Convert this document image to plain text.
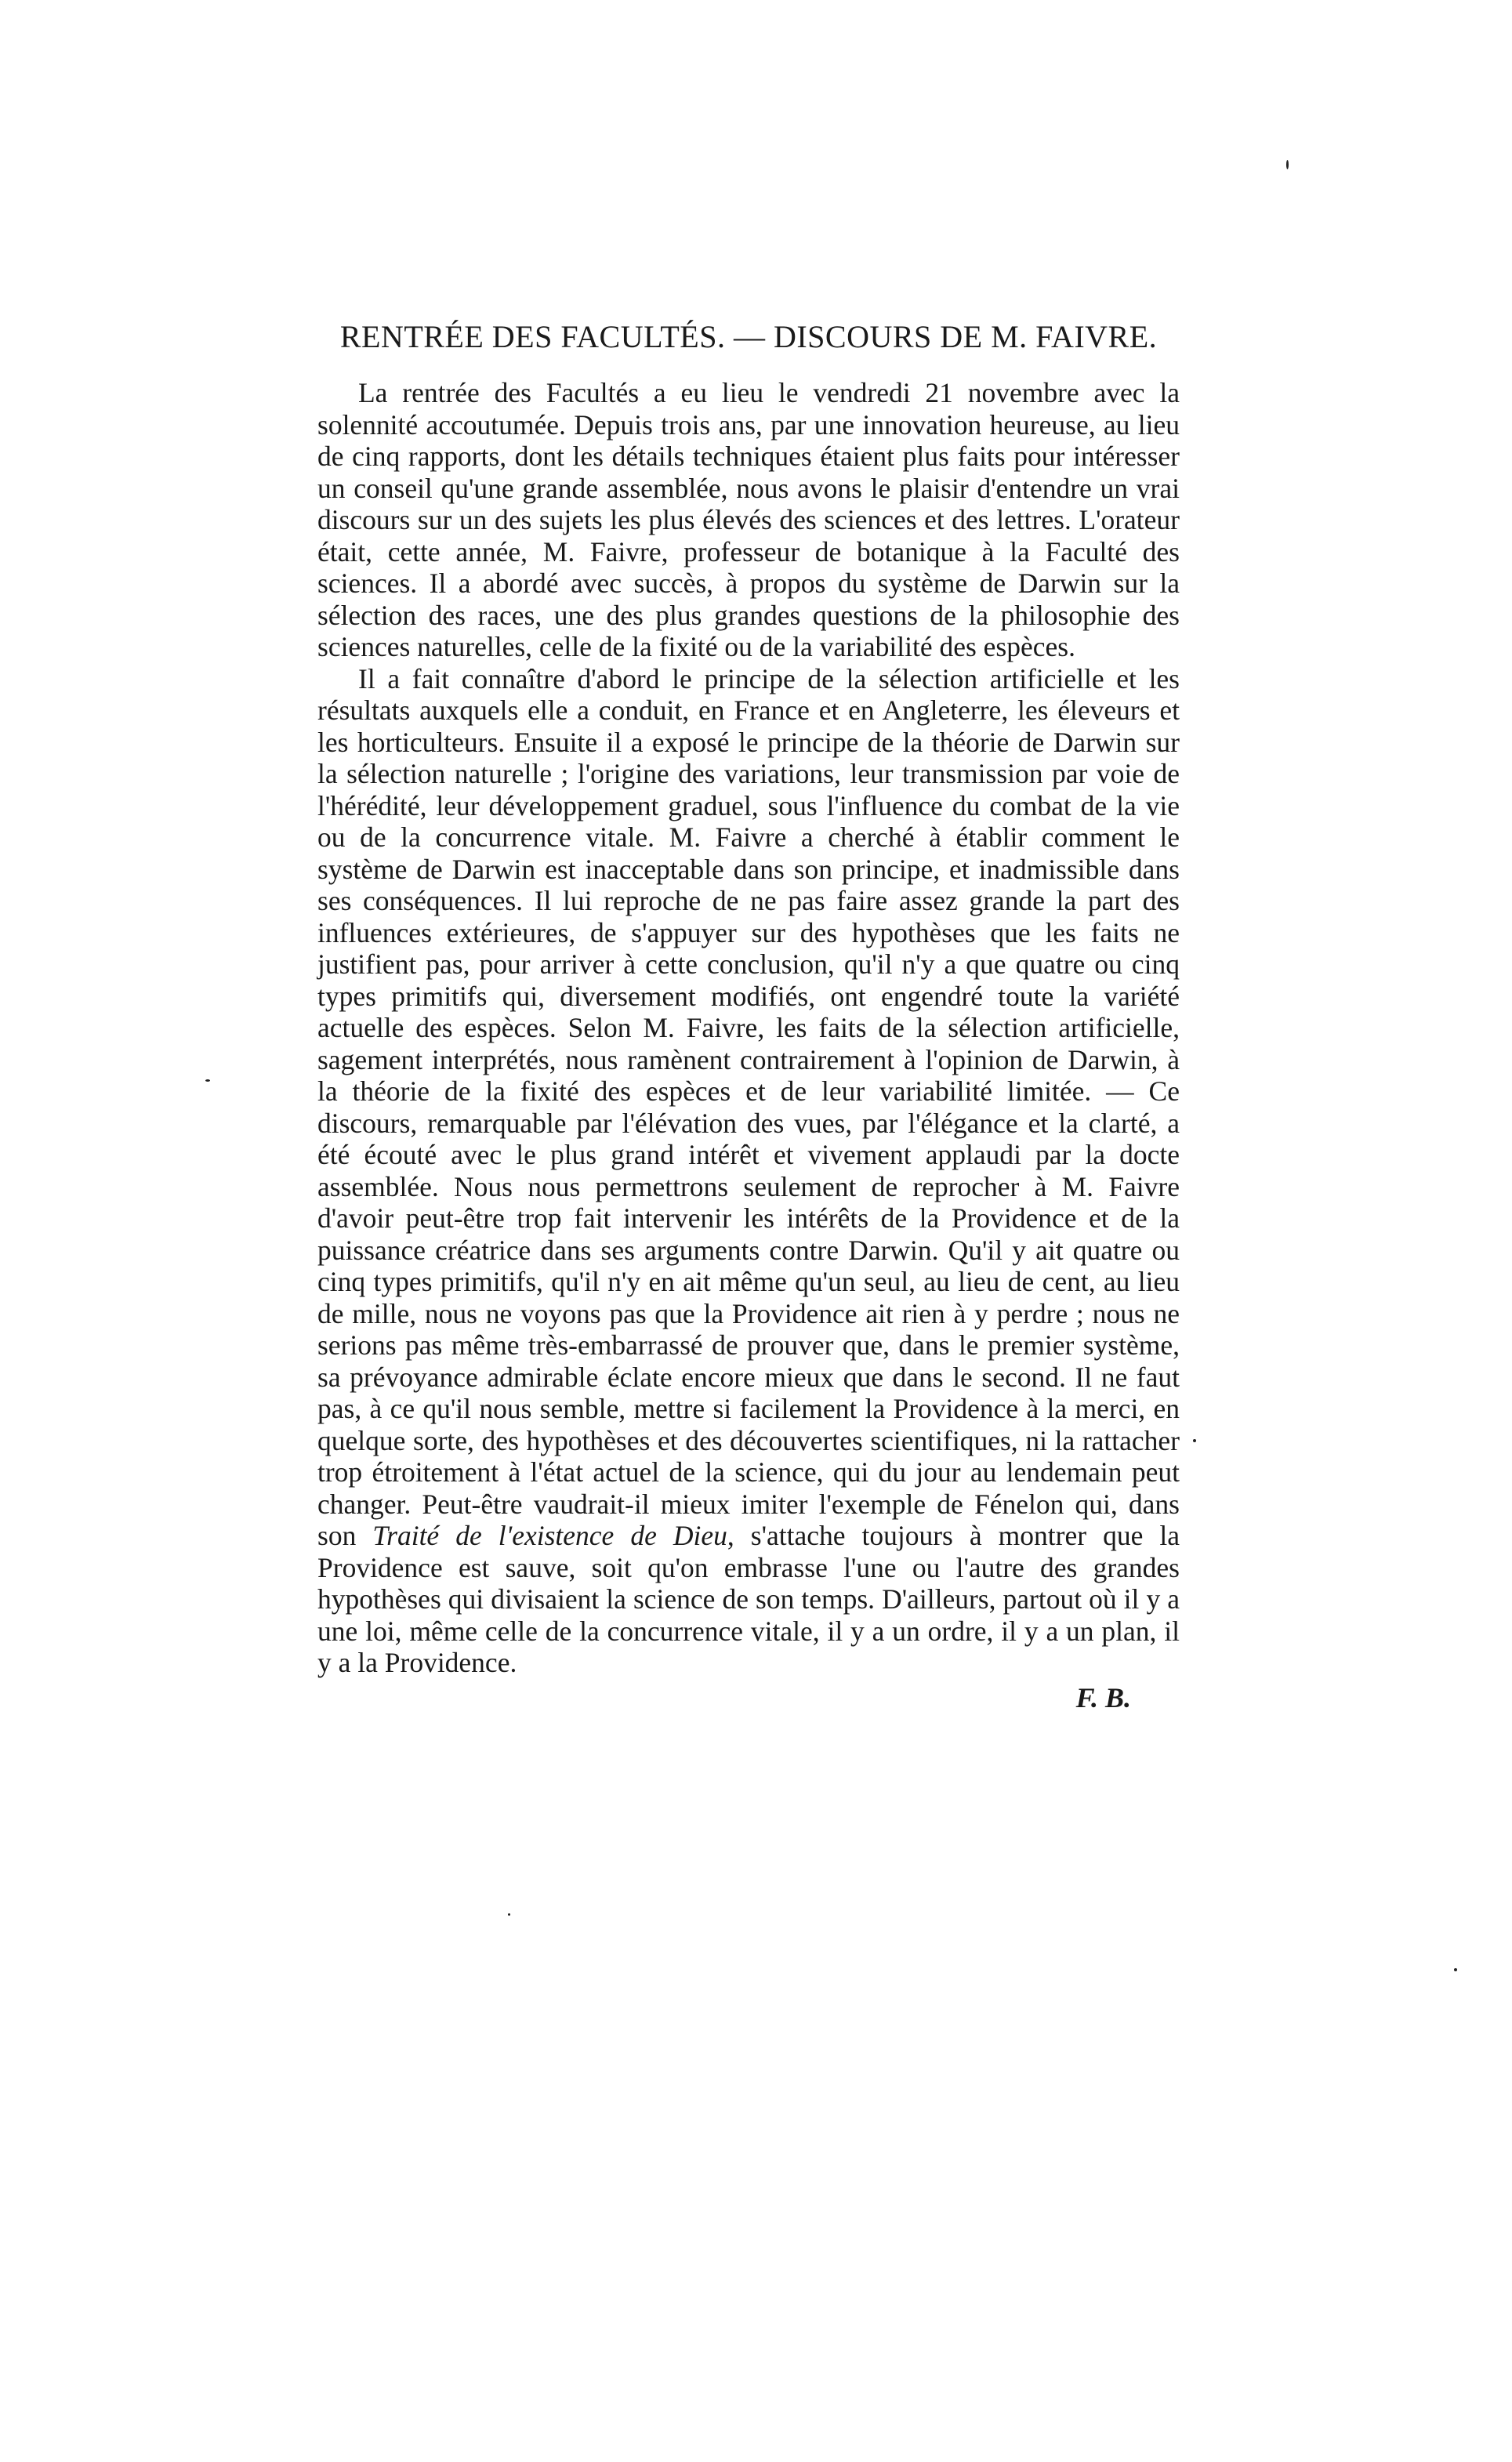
RENTRÉE DES FACULTÉS. — DISCOURS DE M. FAIVRE.

La rentrée des Facultés a eu lieu le vendredi 21 novembre avec la solennité accoutumée. Depuis trois ans, par une innovation heureuse, au lieu de cinq rapports, dont les détails techniques étaient plus faits pour intéresser un conseil qu'une grande assemblée, nous avons le plaisir d'entendre un vrai discours sur un des sujets les plus élevés des sciences et des lettres. L'orateur était, cette année, M. Faivre, professeur de botanique à la Faculté des sciences. Il a abordé avec succès, à propos du système de Darwin sur la sélection des races, une des plus grandes questions de la philosophie des sciences naturelles, celle de la fixité ou de la variabilité des espèces.

Il a fait connaître d'abord le principe de la sélection artificielle et les résultats auxquels elle a conduit, en France et en Angleterre, les éleveurs et les horticulteurs. Ensuite il a exposé le principe de la théorie de Darwin sur la sélection naturelle ; l'origine des variations, leur transmission par voie de l'hérédité, leur développement graduel, sous l'influence du combat de la vie ou de la concurrence vitale. M. Faivre a cherché à établir comment le système de Darwin est inacceptable dans son principe, et inadmissible dans ses conséquences. Il lui reproche de ne pas faire assez grande la part des influences extérieures, de s'appuyer sur des hypothèses que les faits ne justifient pas, pour arriver à cette conclusion, qu'il n'y a que quatre ou cinq types primitifs qui, diversement modifiés, ont engendré toute la variété actuelle des espèces. Selon M. Faivre, les faits de la sélection artificielle, sagement interprétés, nous ramènent contrairement à l'opinion de Darwin, à la théorie de la fixité des espèces et de leur variabilité limitée. — Ce discours, remarquable par l'élévation des vues, par l'élégance et la clarté, a été écouté avec le plus grand intérêt et vivement applaudi par la docte assemblée. Nous nous permettrons seulement de reprocher à M. Faivre d'avoir peut-être trop fait intervenir les intérêts de la Providence et de la puissance créatrice dans ses arguments contre Darwin. Qu'il y ait quatre ou cinq types primitifs, qu'il n'y en ait même qu'un seul, au lieu de cent, au lieu de mille, nous ne voyons pas que la Providence ait rien à y perdre ; nous ne serions pas même très-embarrassé de prouver que, dans le premier système, sa prévoyance admirable éclate encore mieux que dans le second. Il ne faut pas, à ce qu'il nous semble, mettre si facilement la Providence à la merci, en quelque sorte, des hypothèses et des découvertes scientifiques, ni la rattacher trop étroitement à l'état actuel de la science, qui du jour au lendemain peut changer. Peut-être vaudrait-il mieux imiter l'exemple de Fénelon qui, dans son Traité de l'existence de Dieu, s'attache toujours à montrer que la Providence est sauve, soit qu'on embrasse l'une ou l'autre des grandes hypothèses qui divisaient la science de son temps. D'ailleurs, partout où il y a une loi, même celle de la concurrence vitale, il y a un ordre, il y a un plan, il y a la Providence.

F. B.
